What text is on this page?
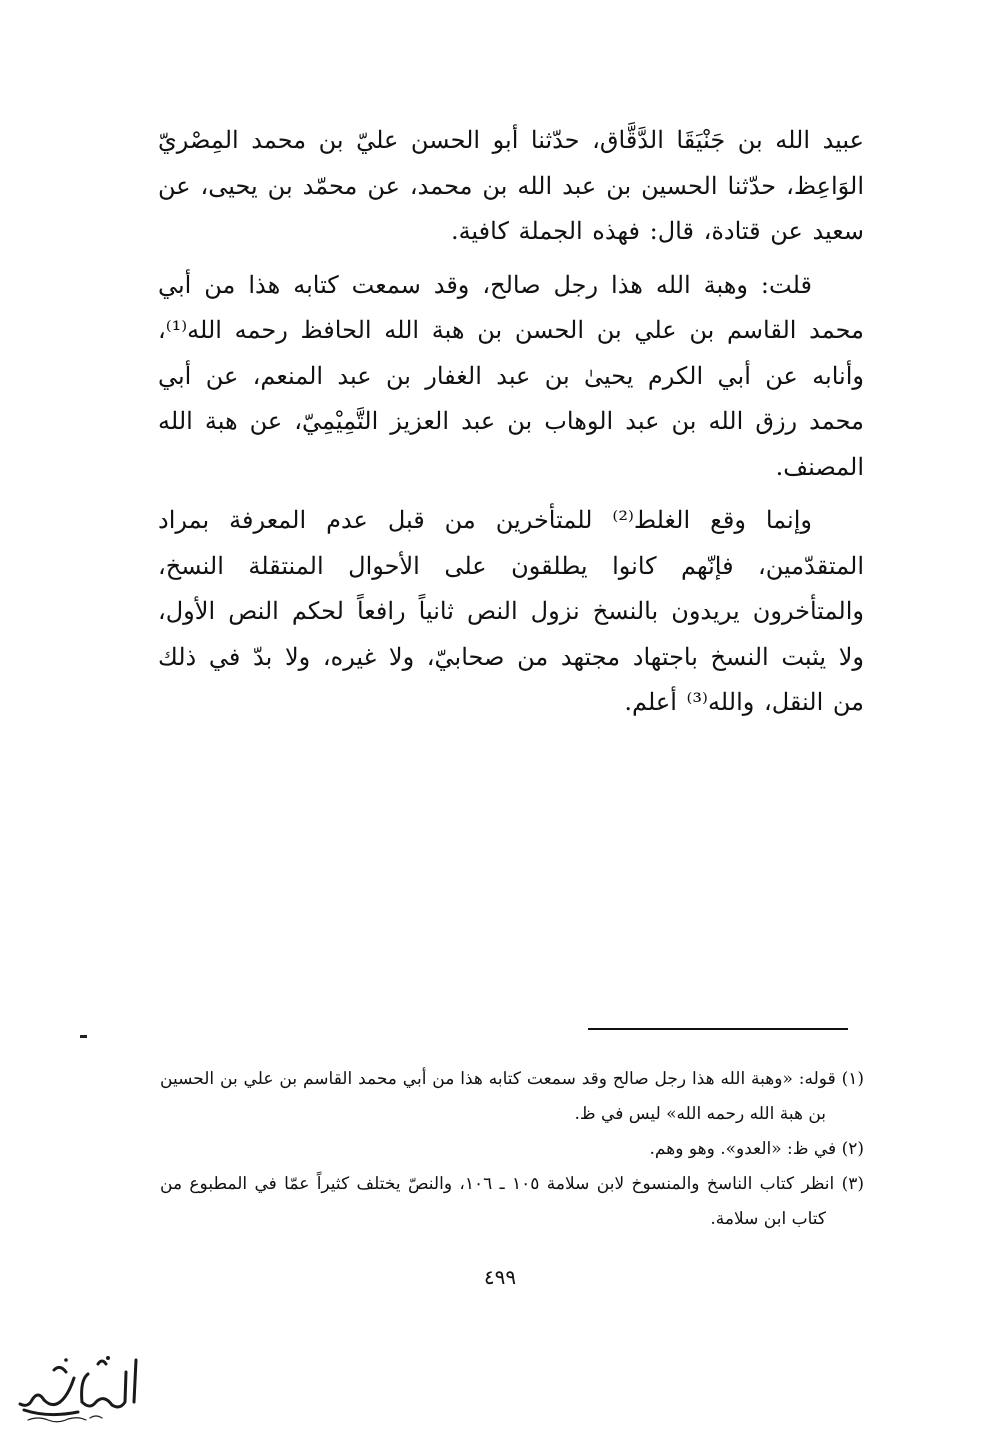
عبيد الله بن جَنْيَقَا الدَّقَّاق، حدّثنا أبو الحسن عليّ بن محمد المِصْريّ الوَاعِظ، حدّثنا الحسين بن عبد الله بن محمد، عن محمّد بن يحيى، عن سعيد عن قتادة، قال: فهذه الجملة كافية.

قلت: وهبة الله هذا رجل صالح، وقد سمعت كتابه هذا من أبي محمد القاسم بن علي بن الحسن بن هبة الله الحافظ رحمه الله⁽¹⁾، وأنابه عن أبي الكرم يحيىٰ بن عبد الغفار بن عبد المنعم، عن أبي محمد رزق الله بن عبد الوهاب بن عبد العزيز التَّمِيْمِيّ، عن هبة الله المصنف.

وإنما وقع الغلط⁽²⁾ للمتأخرين من قبل عدم المعرفة بمراد المتقدّمين، فإنّهم كانوا يطلقون على الأحوال المنتقلة النسخ، والمتأخرون يريدون بالنسخ نزول النص ثانياً رافعاً لحكم النص الأول، ولا يثبت النسخ باجتهاد مجتهد من صحابيّ، ولا غيره، ولا بدّ في ذلك من النقل، والله⁽³⁾ أعلم.

(١) قوله: «وهبة الله هذا رجل صالح وقد سمعت كتابه هذا من أبي محمد القاسم بن علي بن الحسين بن هبة الله رحمه الله» ليس في ظ.

(٢) في ظ: «العدو». وهو وهم.

(٣) انظر كتاب الناسخ والمنسوخ لابن سلامة ١٠٥ ـ ١٠٦، والنصّ يختلف كثيراً عمّا في المطبوع من كتاب ابن سلامة.

٤٩٩
